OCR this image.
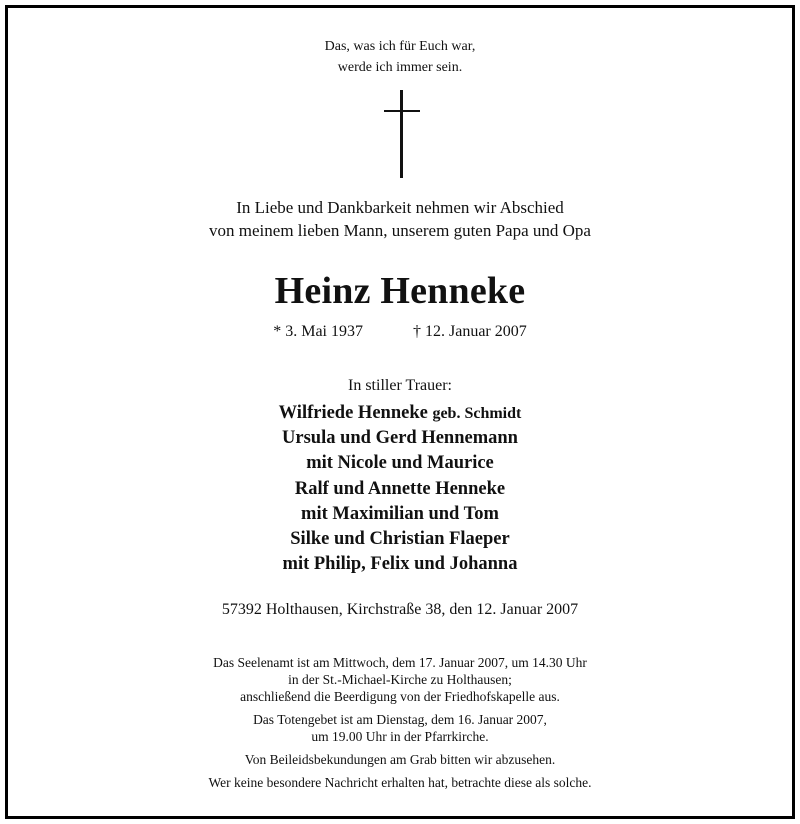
Das, was ich für Euch war,
werde ich immer sein.
In Liebe und Dankbarkeit nehmen wir Abschied
von meinem lieben Mann, unserem guten Papa und Opa
Heinz Henneke
* 3. Mai 1937	† 12. Januar 2007
In stiller Trauer:
Wilfriede Henneke geb. Schmidt
Ursula und Gerd Hennemann
mit Nicole und Maurice
Ralf und Annette Henneke
mit Maximilian und Tom
Silke und Christian Flaeper
mit Philip, Felix und Johanna
57392 Holthausen, Kirchstraße 38, den 12. Januar 2007
Das Seelenamt ist am Mittwoch, dem 17. Januar 2007, um 14.30 Uhr
in der St.-Michael-Kirche zu Holthausen;
anschließend die Beerdigung von der Friedhofskapelle aus.
Das Totengebet ist am Dienstag, dem 16. Januar 2007,
um 19.00 Uhr in der Pfarrkirche.
Von Beileidsbekundungen am Grab bitten wir abzusehen.
Wer keine besondere Nachricht erhalten hat, betrachte diese als solche.
